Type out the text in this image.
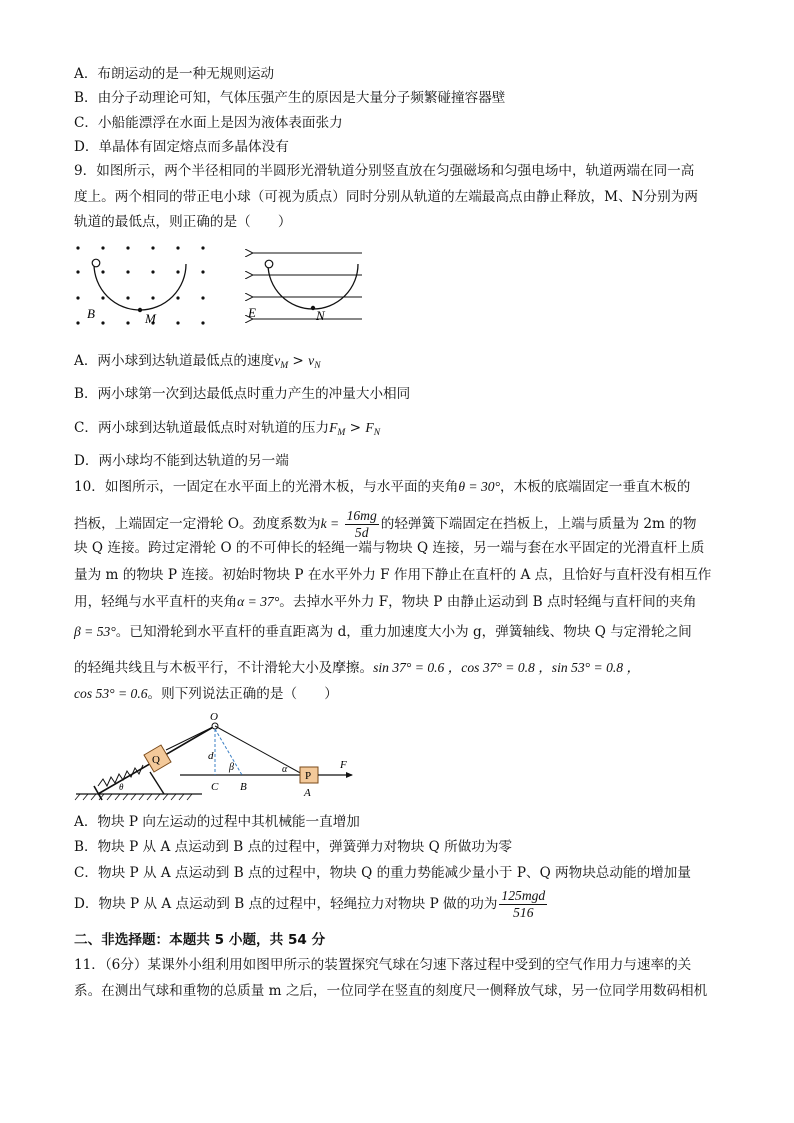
A．布朗运动的是一种无规则运动
B．由分子动理论可知，气体压强产生的原因是大量分子频繁碰撞容器壁
C．小船能漂浮在水面上是因为液体表面张力
D．单晶体有固定熔点而多晶体没有
9．如图所示，两个半径相同的半圆形光滑轨道分别竖直放在匀强磁场和匀强电场中，轨道两端在同一高
度上。两个相同的带正电小球（可视为质点）同时分别从轨道的左端最高点由静止释放，M、N分别为两
轨道的最低点，则正确的是（　　）
B	M	E	N
A．两小球到达轨道最低点的速度$v_M > v_N$
B．两小球第一次到达最低点时重力产生的冲量大小相同
C．两小球到达轨道最低点时对轨道的压力$F_M > F_N$
D．两小球均不能到达轨道的另一端
10．如图所示，一固定在水平面上的光滑木板，与水平面的夹角θ = 30°，木板的底端固定一垂直木板的
挡板，上端固定一定滑轮 O。劲度系数为$k = \frac{16mg}{5d}$ 的轻弹簧下端固定在挡板上，上端与质量为 2m 的物
块 Q 连接。跨过定滑轮 O 的不可伸长的轻绳一端与物块 Q 连接，另一端与套在水平固定的光滑直杆上质
量为 m 的物块 P 连接。初始时物块 P 在水平外力 F 作用下静止在直杆的 A 点，且恰好与直杆没有相互作
用，轻绳与水平直杆的夹角α = 37°。去掉水平外力 F，物块 P 由静止运动到 B 点时轻绳与直杆间的夹角
β = 53°。已知滑轮到水平直杆的垂直距离为 d，重力加速度大小为 g，弹簧轴线、物块 Q 与定滑轮之间
的轻绳共线且与木板平行，不计滑轮大小及摩擦。sin 37° = 0.6 ，cos 37° = 0.8 ，sin 53° = 0.8 ，
cos 53° = 0.6。则下列说法正确的是（　　）
Q
O
d
β	α
P
F
θ	C B	A
A．物块 P 向左运动的过程中其机械能一直增加
B．物块 P 从 A 点运动到 B 点的过程中，弹簧弹力对物块 Q 所做功为零
C．物块 P 从 A 点运动到 B 点的过程中，物块 Q 的重力势能减少量小于 P、Q 两物块总动能的增加量
D．物块 P 从 A 点运动到 B 点的过程中，轻绳拉力对物块 P 做的功为 $\frac{\text{125mgd}}{516}$
二、非选择题：本题共 5 小题，共 54 分
11．（6分）某课外小组利用如图甲所示的装置探究气球在匀速下落过程中受到的空气作用力与速率的关
系。在测出气球和重物的总质量 m 之后，一位同学在竖直的刻度尺一侧释放气球，另一位同学用数码相机
